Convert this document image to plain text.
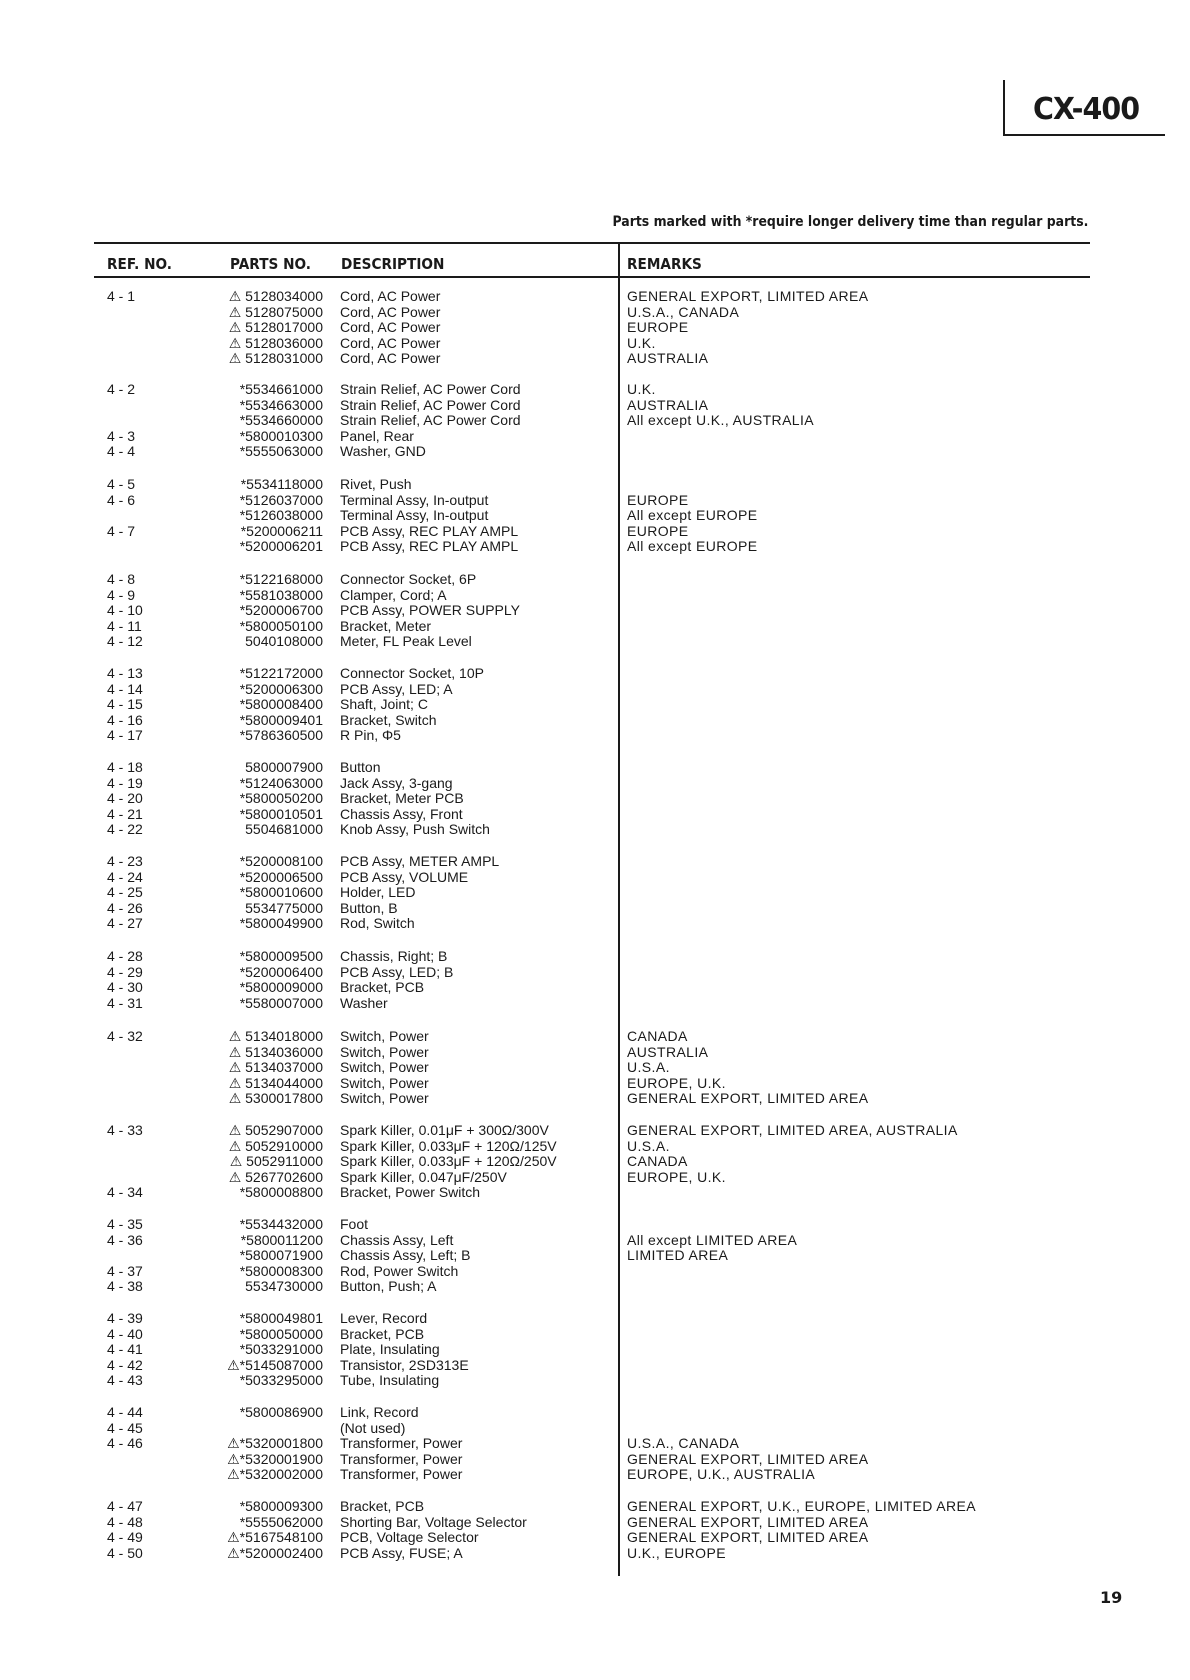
CX-400
Parts marked with *require longer delivery time than regular parts.
REF. NO.	PARTS NO. DESCRIPTION	REMARKS
4 - 1	⚠ 5128034000 Cord, AC Power	GENERAL EXPORT, LIMITED AREA
⚠ 5128075000 Cord, AC Power	U.S.A., CANADA
⚠ 5128017000 Cord, AC Power	EUROPE
⚠ 5128036000 Cord, AC Power	U.K.
⚠ 5128031000 Cord, AC Power	AUSTRALIA
4 - 2	*5534661000 Strain Relief, AC Power Cord	U.K.
*5534663000 Strain Relief, AC Power Cord	AUSTRALIA
*5534660000 Strain Relief, AC Power Cord	All except U.K., AUSTRALIA
4 - 3	*5800010300 Panel, Rear
4 - 4	*5555063000 Washer, GND
4 - 5	*5534118000 Rivet, Push
4 - 6	*5126037000 Terminal Assy, In-output	EUROPE
*5126038000 Terminal Assy, In-output	All except EUROPE
4 - 7	*5200006211 PCB Assy, REC PLAY AMPL	EUROPE
*5200006201 PCB Assy, REC PLAY AMPL	All except EUROPE
4 - 8	*5122168000 Connector Socket, 6P
4 - 9	*5581038000 Clamper, Cord; A
4 - 10	*5200006700 PCB Assy, POWER SUPPLY
4 - 11	*5800050100 Bracket, Meter
4 - 12	5040108000 Meter, FL Peak Level
4 - 13	*5122172000 Connector Socket, 10P
4 - 14	*5200006300 PCB Assy, LED; A
4 - 15	*5800008400 Shaft, Joint; C
4 - 16	*5800009401 Bracket, Switch
4 - 17	*5786360500 R Pin, Φ5
4 - 18	5800007900 Button
4 - 19	*5124063000 Jack Assy, 3-gang
4 - 20	*5800050200 Bracket, Meter PCB
4 - 21	*5800010501 Chassis Assy, Front
4 - 22	5504681000 Knob Assy, Push Switch
4 - 23	*5200008100 PCB Assy, METER AMPL
4 - 24	*5200006500 PCB Assy, VOLUME
4 - 25	*5800010600 Holder, LED
4 - 26	5534775000 Button, B
4 - 27	*5800049900 Rod, Switch
4 - 28	*5800009500 Chassis, Right; B
4 - 29	*5200006400 PCB Assy, LED; B
4 - 30	*5800009000 Bracket, PCB
4 - 31	*5580007000 Washer
4 - 32	⚠ 5134018000 Switch, Power	CANADA
⚠ 5134036000 Switch, Power	AUSTRALIA
⚠ 5134037000 Switch, Power	U.S.A.
⚠ 5134044000 Switch, Power	EUROPE, U.K.
⚠ 5300017800 Switch, Power	GENERAL EXPORT, LIMITED AREA
4 - 33	⚠ 5052907000 Spark Killer, 0.01μF + 300Ω/300V	GENERAL EXPORT, LIMITED AREA, AUSTRALIA
⚠ 5052910000 Spark Killer, 0.033μF + 120Ω/125V	U.S.A.
⚠ 5052911000 Spark Killer, 0.033μF + 120Ω/250V	CANADA
⚠ 5267702600 Spark Killer, 0.047μF/250V	EUROPE, U.K.
4 - 34	*5800008800 Bracket, Power Switch
4 - 35	*5534432000 Foot
4 - 36	*5800011200 Chassis Assy, Left	All except LIMITED AREA
*5800071900 Chassis Assy, Left; B	LIMITED AREA
4 - 37	*5800008300 Rod, Power Switch
4 - 38	5534730000 Button, Push; A
4 - 39	*5800049801 Lever, Record
4 - 40	*5800050000 Bracket, PCB
4 - 41	*5033291000 Plate, Insulating
4 - 42	⚠*5145087000 Transistor, 2SD313E
4 - 43	*5033295000 Tube, Insulating
4 - 44	*5800086900 Link, Record
4 - 45	(Not used)
4 - 46	⚠*5320001800 Transformer, Power	U.S.A., CANADA
⚠*5320001900 Transformer, Power	GENERAL EXPORT, LIMITED AREA
⚠*5320002000 Transformer, Power	EUROPE, U.K., AUSTRALIA
4 - 47	*5800009300 Bracket, PCB	GENERAL EXPORT, U.K., EUROPE, LIMITED AREA
4 - 48	*5555062000 Shorting Bar, Voltage Selector	GENERAL EXPORT, LIMITED AREA
4 - 49	⚠*5167548100 PCB, Voltage Selector	GENERAL EXPORT, LIMITED AREA
4 - 50	⚠*5200002400 PCB Assy, FUSE; A	U.K., EUROPE
19
